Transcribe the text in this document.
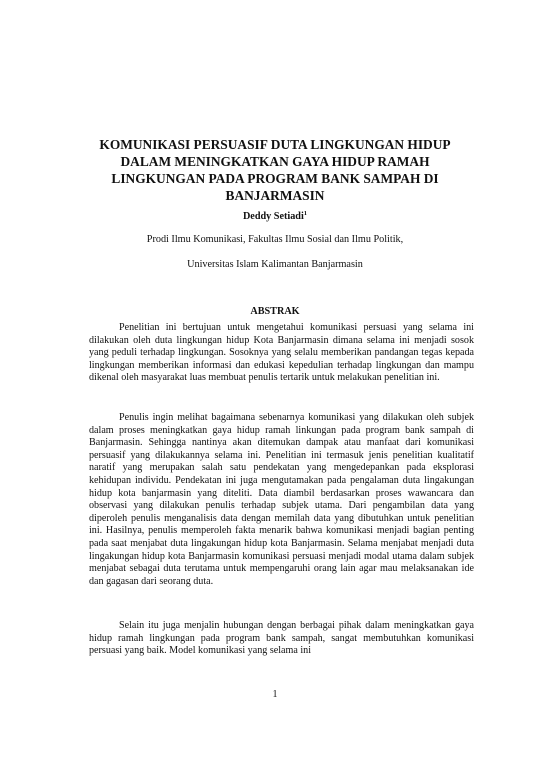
KOMUNIKASI PERSUASIF DUTA LINGKUNGAN HIDUP DALAM MENINGKATKAN GAYA HIDUP RAMAH LINGKUNGAN PADA PROGRAM BANK SAMPAH DI BANJARMASIN
Deddy Setiadi$^1$
Prodi Ilmu Komunikasi, Fakultas Ilmu Sosial dan Ilmu Politik,
Universitas Islam Kalimantan Banjarmasin
ABSTRAK

Penelitian ini bertujuan untuk mengetahui komunikasi persuasi yang selama ini dilakukan oleh duta lingkungan hidup Kota Banjarmasin dimana selama ini menjadi sosok yang peduli terhadap lingkungan. Sosoknya yang selalu memberikan pandangan tegas kepada lingkungan memberikan informasi dan edukasi kepedulian terhadap lingkungan dan mampu dikenal oleh masyarakat luas membuat penulis tertarik untuk melakukan penelitian ini.

Penulis ingin melihat bagaimana sebenarnya komunikasi yang dilakukan oleh subjek dalam proses meningkatkan gaya hidup ramah linkungan pada program bank sampah di Banjarmasin. Sehingga nantinya akan ditemukan dampak atau manfaat dari komunikasi persuasif yang dilakukannya selama ini. Penelitian ini termasuk jenis penelitian kualitatif naratif yang merupakan salah satu pendekatan yang mengedepankan pada eksplorasi kehidupan individu. Pendekatan ini juga mengutamakan pada pengalaman duta lingakungan hidup kota banjarmasin yang diteliti. Data diambil berdasarkan proses wawancara dan observasi yang dilakukan penulis terhadap subjek utama. Dari pengambilan data yang diperoleh penulis menganalisis data dengan memilah data yang dibutuhkan untuk penelitian ini. Hasilnya, penulis memperoleh fakta menarik bahwa komunikasi menjadi bagian penting pada saat menjabat duta lingakungan hidup kota Banjarmasin. Selama menjabat menjadi duta lingakungan hidup kota Banjarmasin komunikasi persuasi menjadi modal utama dalam subjek menjabat sebagai duta terutama untuk mempengaruhi orang lain agar mau melaksanakan ide dan gagasan dari seorang duta.

Selain itu juga menjalin hubungan dengan berbagai pihak dalam meningkatkan gaya hidup ramah lingkungan pada program bank sampah, sangat membutuhkan komunikasi persuasi yang baik. Model komunikasi yang selama ini

1
